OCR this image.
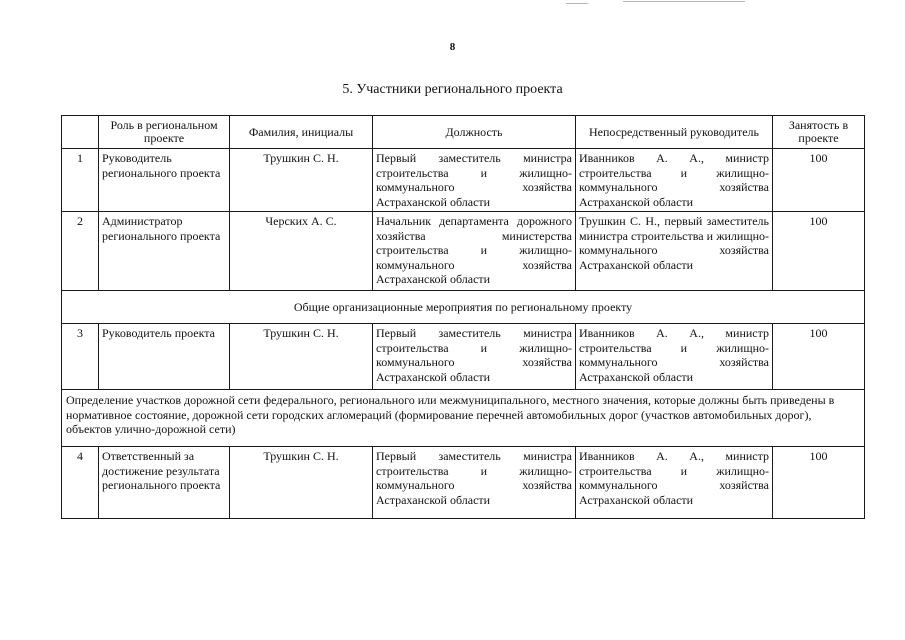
8
5. Участники регионального проекта
	Роль в региональном проекте	Фамилия, инициалы	Должность	Непосредственный руководитель	Занятость в проекте
1	Руководитель регионального проекта	Трушкин С. Н.	Первый заместитель министра строительства и жилищно-коммунального хозяйства Астраханской области	Иванников А. А., министр строительства и жилищно-коммунального хозяйства Астраханской области	100
2	Администратор регионального проекта	Черских А. С.	Начальник департамента дорожного хозяйства министерства строительства и жилищно-коммунального хозяйства Астраханской области	Трушкин С. Н., первый заместитель министра строительства и жилищно-коммунального хозяйства Астраханской области	100
Общие организационные мероприятия по региональному проекту					
3	Руководитель проекта	Трушкин С. Н.	Первый заместитель министра строительства и жилищно-коммунального хозяйства Астраханской области	Иванников А. А., министр строительства и жилищно-коммунального хозяйства Астраханской области	100
Определение участков дорожной сети федерального, регионального или межмуниципального, местного значения, которые должны быть приведены в нормативное состояние, дорожной сети городских агломераций (формирование перечней автомобильных дорог (участков автомобильных дорог), объектов улично-дорожной сети)					
4	Ответственный за достижение результата регионального проекта	Трушкин С. Н.	Первый заместитель министра строительства и жилищно-коммунального хозяйства Астраханской области	Иванников А. А., министр строительства и жилищно-коммунального хозяйства Астраханской области	100
